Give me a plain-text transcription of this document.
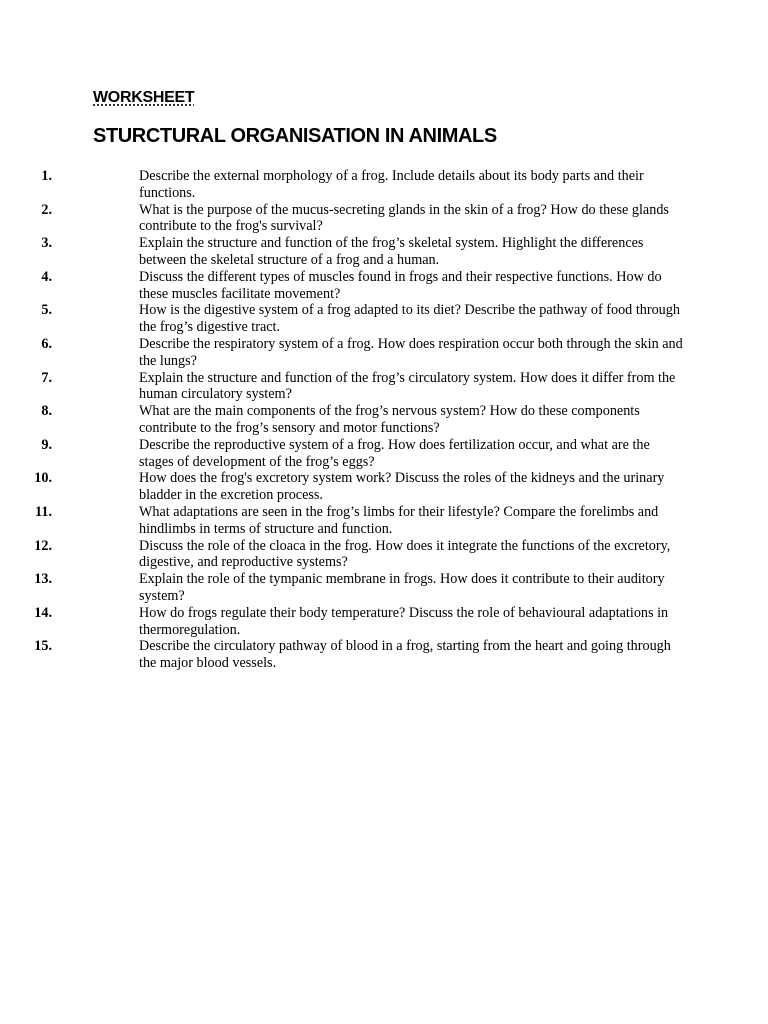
WORKSHEET
STURCTURAL ORGANISATION IN ANIMALS
1.	Describe the external morphology of a frog. Include details about its body parts and their functions.
2.	What is the purpose of the mucus-secreting glands in the skin of a frog? How do these glands contribute to the frog's survival?
3.	Explain the structure and function of the frog’s skeletal system. Highlight the differences between the skeletal structure of a frog and a human.
4.	Discuss the different types of muscles found in frogs and their respective functions. How do these muscles facilitate movement?
5.	How is the digestive system of a frog adapted to its diet? Describe the pathway of food through the frog’s digestive tract.
6.	Describe the respiratory system of a frog. How does respiration occur both through the skin and the lungs?
7.	Explain the structure and function of the frog’s circulatory system. How does it differ from the human circulatory system?
8.	What are the main components of the frog’s nervous system? How do these components contribute to the frog’s sensory and motor functions?
9.	Describe the reproductive system of a frog. How does fertilization occur, and what are the stages of development of the frog’s eggs?
10.	How does the frog's excretory system work? Discuss the roles of the kidneys and the urinary bladder in the excretion process.
11.	What adaptations are seen in the frog’s limbs for their lifestyle? Compare the forelimbs and hindlimbs in terms of structure and function.
12.	Discuss the role of the cloaca in the frog. How does it integrate the functions of the excretory, digestive, and reproductive systems?
13.	Explain the role of the tympanic membrane in frogs. How does it contribute to their auditory system?
14.	How do frogs regulate their body temperature? Discuss the role of behavioural adaptations in thermoregulation.
15.	Describe the circulatory pathway of blood in a frog, starting from the heart and going through the major blood vessels.
